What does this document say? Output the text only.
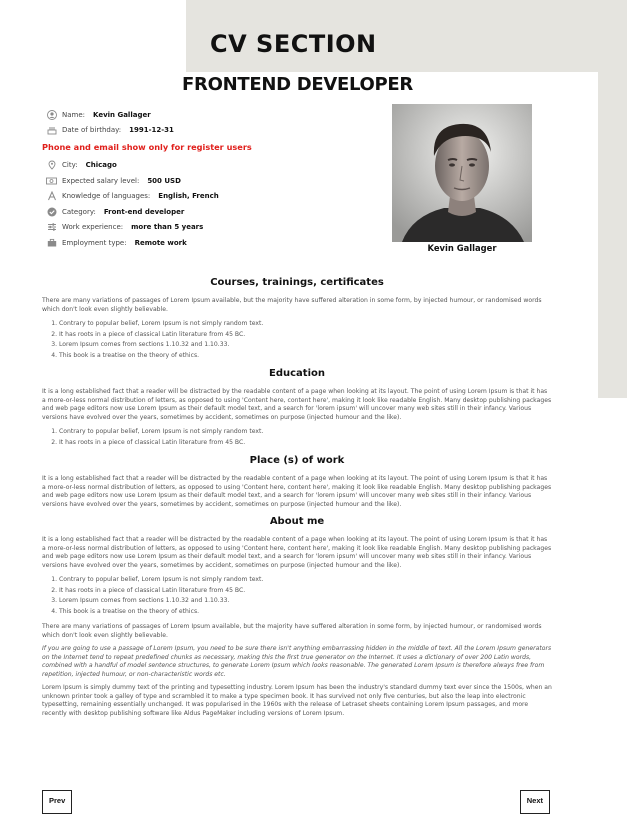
CV SECTION
FRONTEND DEVELOPER
Name: Kevin Gallager
Date of birthday: 1991-12-31
Phone and email show only for register users
City: Chicago
Expected salary level: 500 USD
Knowledge of languages: English, French
Category: Front-end developer
Work experience: more than 5 years
Employment type: Remote work
Kevin Gallager
Courses, trainings, certificates

There are many variations of passages of Lorem Ipsum available, but the majority have suffered alteration in some form, by injected humour, or randomised words which don't look even slightly believable.

1. Contrary to popular belief, Lorem Ipsum is not simply random text.
2. It has roots in a piece of classical Latin literature from 45 BC.
3. Lorem Ipsum comes from sections 1.10.32 and 1.10.33.
4. This book is a treatise on the theory of ethics.
Education

It is a long established fact that a reader will be distracted by the readable content of a page when looking at its layout. The point of using Lorem Ipsum is that it has a more-or-less normal distribution of letters, as opposed to using 'Content here, content here', making it look like readable English. Many desktop publishing packages and web page editors now use Lorem Ipsum as their default model text, and a search for 'lorem ipsum' will uncover many web sites still in their infancy. Various versions have evolved over the years, sometimes by accident, sometimes on purpose (injected humour and the like).

1. Contrary to popular belief, Lorem Ipsum is not simply random text.
2. It has roots in a piece of classical Latin literature from 45 BC.
Place (s) of work

It is a long established fact that a reader will be distracted by the readable content of a page when looking at its layout. The point of using Lorem Ipsum is that it has a more-or-less normal distribution of letters, as opposed to using 'Content here, content here', making it look like readable English. Many desktop publishing packages and web page editors now use Lorem Ipsum as their default model text, and a search for 'lorem ipsum' will uncover many web sites still in their infancy. Various versions have evolved over the years, sometimes by accident, sometimes on purpose (injected humour and the like).

About me

It is a long established fact that a reader will be distracted by the readable content of a page when looking at its layout. The point of using Lorem Ipsum is that it has a more-or-less normal distribution of letters, as opposed to using 'Content here, content here', making it look like readable English. Many desktop publishing packages and web page editors now use Lorem Ipsum as their default model text, and a search for 'lorem ipsum' will uncover many web sites still in their infancy. Various versions have evolved over the years, sometimes by accident, sometimes on purpose (injected humour and the like).

1. Contrary to popular belief, Lorem Ipsum is not simply random text.
2. It has roots in a piece of classical Latin literature from 45 BC.
3. Lorem Ipsum comes from sections 1.10.32 and 1.10.33.
4. This book is a treatise on the theory of ethics.

There are many variations of passages of Lorem Ipsum available, but the majority have suffered alteration in some form, by injected humour, or randomised words which don't look even slightly believable.

If you are going to use a passage of Lorem Ipsum, you need to be sure there isn't anything embarrassing hidden in the middle of text. All the Lorem Ipsum generators on the Internet tend to repeat predefined chunks as necessary, making this the first true generator on the Internet. It uses a dictionary of over 200 Latin words, combined with a handful of model sentence structures, to generate Lorem Ipsum which looks reasonable. The generated Lorem Ipsum is therefore always free from repetition, injected humour, or non-characteristic words etc.

Lorem Ipsum is simply dummy text of the printing and typesetting industry. Lorem Ipsum has been the industry's standard dummy text ever since the 1500s, when an unknown printer took a galley of type and scrambled it to make a type specimen book. It has survived not only five centuries, but also the leap into electronic typesetting, remaining essentially unchanged. It was popularised in the 1960s with the release of Letraset sheets containing Lorem Ipsum passages, and more recently with desktop publishing software like Aldus PageMaker including versions of Lorem Ipsum.

Prev	Next
